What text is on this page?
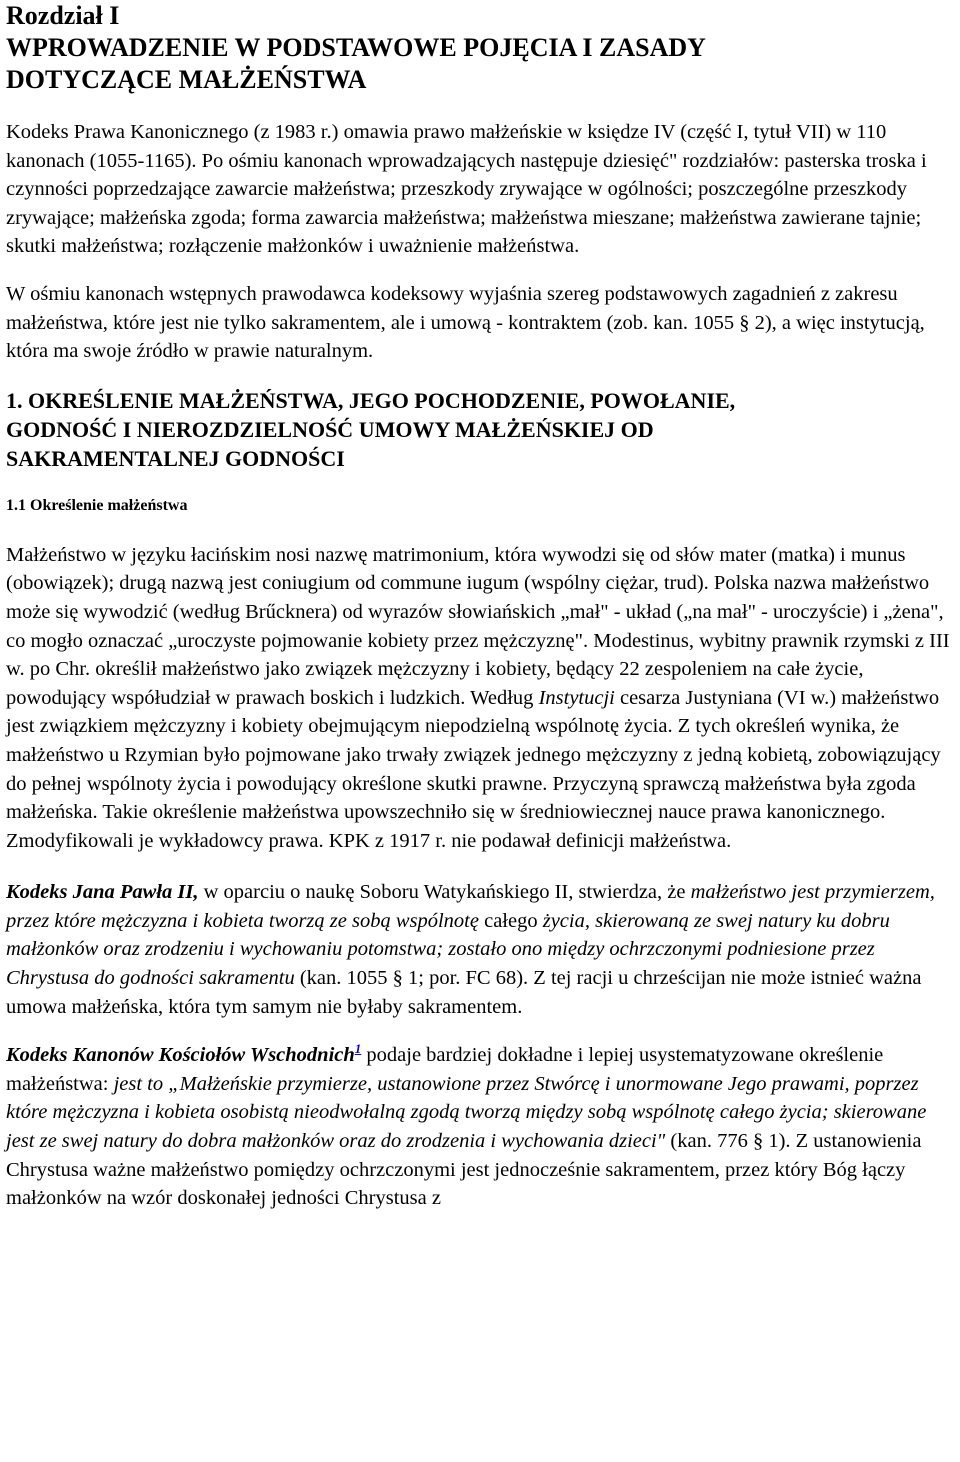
Rozdział I
WPROWADZENIE W PODSTAWOWE POJĘCIA I ZASADY
DOTYCZĄCE MAŁŻEŃSTWA

Kodeks Prawa Kanonicznego (z 1983 r.) omawia prawo małżeńskie w księdze IV (część I, tytuł VII) w 110 kanonach (1055-1165). Po ośmiu kanonach wprowadzających następuje dziesięć" rozdziałów: pasterska troska i czynności poprzedzające zawarcie małżeństwa; przeszkody zrywające w ogólności; poszczególne przeszkody zrywające; małżeńska zgoda; forma zawarcia małżeństwa; małżeństwa mieszane; małżeństwa zawierane tajnie; skutki małżeństwa; rozłączenie małżonków i uważnienie małżeństwa.

W ośmiu kanonach wstępnych prawodawca kodeksowy wyjaśnia szereg podstawowych zagadnień z zakresu małżeństwa, które jest nie tylko sakramentem, ale i umową - kontraktem (zob. kan. 1055 § 2), a więc instytucją, która ma swoje źródło w prawie naturalnym.

1. OKREŚLENIE MAŁŻEŃSTWA, JEGO POCHODZENIE, POWOŁANIE,
GODNOŚĆ I NIEROZDZIELNOŚĆ UMOWY MAŁŻEŃSKIEJ OD
SAKRAMENTALNEJ GODNOŚCI
1.1 Określenie małżeństwa

Małżeństwo w języku łacińskim nosi nazwę matrimonium, która wywodzi się od słów mater (matka) i munus (obowiązek); drugą nazwą jest coniugium od commune iugum (wspólny ciężar, trud). Polska nazwa małżeństwo może się wywodzić (według Brűcknera) od wyrazów słowiańskich „mał" - układ („na mał" - uroczyście) i „żena", co mogło oznaczać „uroczyste pojmowanie kobiety przez mężczyznę". Modestinus, wybitny prawnik rzymski z III w. po Chr. określił małżeństwo jako związek mężczyzny i kobiety, będący 22 zespoleniem na całe życie, powodujący współudział w prawach boskich i ludzkich. Według Instytucji cesarza Justyniana (VI w.) małżeństwo jest związkiem mężczyzny i kobiety obejmującym niepodzielną wspólnotę życia. Z tych określeń wynika, że małżeństwo u Rzymian było pojmowane jako trwały związek jednego mężczyzny z jedną kobietą, zobowiązujący do pełnej wspólnoty życia i powodujący określone skutki prawne. Przyczyną sprawczą małżeństwa była zgoda małżeńska. Takie określenie małżeństwa upowszechniło się w średniowiecznej nauce prawa kanonicznego. Zmodyfikowali je wykładowcy prawa. KPK z 1917 r. nie podawał definicji małżeństwa.

Kodeks Jana Pawła II, w oparciu o naukę Soboru Watykańskiego II, stwierdza, że małżeństwo jest przymierzem, przez które mężczyzna i kobieta tworzą ze sobą wspólnotę całego życia, skierowaną ze swej natury ku dobru małżonków oraz zrodzeniu i wychowaniu potomstwa; zostało ono między ochrzczonymi podniesione przez Chrystusa do godności sakramentu (kan. 1055 § 1; por. FC 68). Z tej racji u chrześcijan nie może istnieć ważna umowa małżeńska, która tym samym nie byłaby sakramentem.

Kodeks Kanonów Kościołów Wschodnich$^1$ podaje bardziej dokładne i lepiej usystematyzowane określenie małżeństwa: jest to „Małżeńskie przymierze, ustanowione przez Stwórcę i unormowane Jego prawami, poprzez które mężczyzna i kobieta osobistą nieodwołalną zgodą tworzą między sobą wspólnotę całego życia; skierowane jest ze swej natury do dobra małżonków oraz do zrodzenia i wychowania dzieci" (kan. 776 § 1). Z ustanowienia Chrystusa ważne małżeństwo pomiędzy ochrzczonymi jest jednocześnie sakramentem, przez który Bóg łączy małżonków na wzór doskonałej jedności Chrystusa z
